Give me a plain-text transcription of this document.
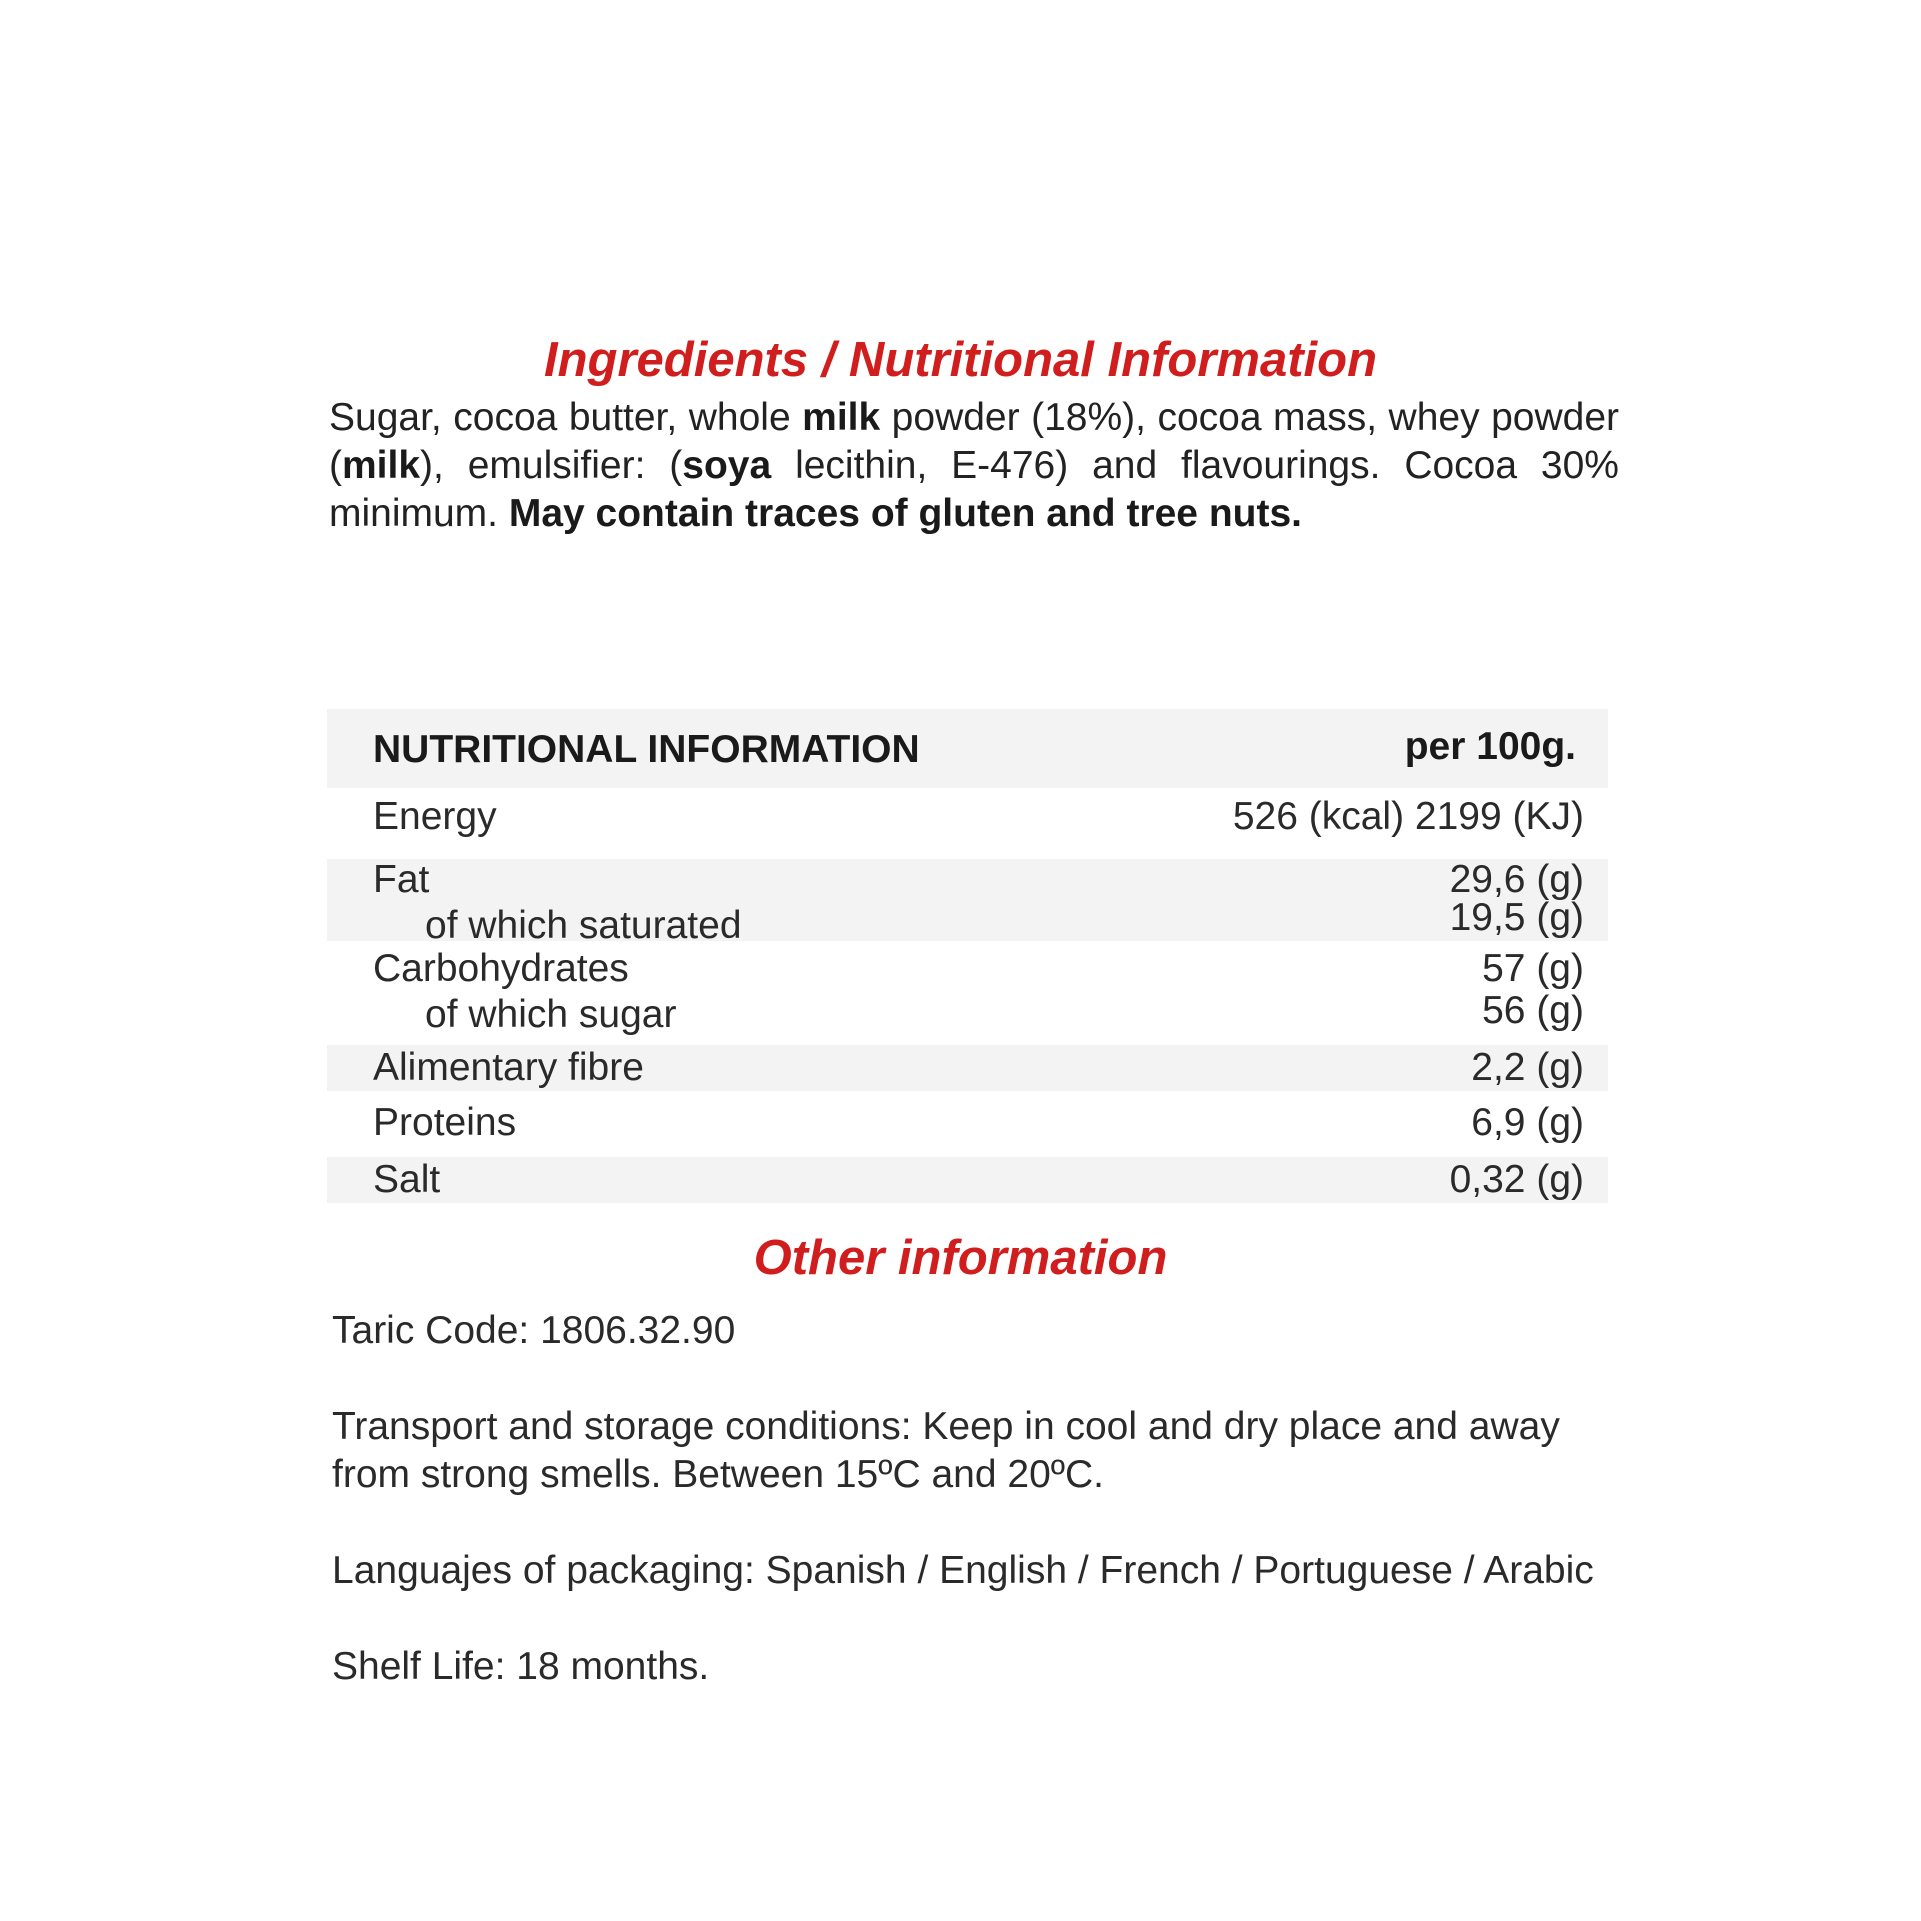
Ingredients / Nutritional Information

Sugar, cocoa butter, whole milk powder (18%), cocoa mass, whey powder (milk), emulsifier: (soya lecithin, E-476) and flavourings. Cocoa 30% minimum. May contain traces of gluten and tree nuts.

NUTRITIONAL INFORMATION	per 100g.
Energy	526 (kcal) 2199 (KJ)
Fat	29,6 (g)
of which saturated	19,5 (g)
Carbohydrates	57 (g)
of which sugar	56 (g)
Alimentary fibre	2,2 (g)
Proteins	6,9 (g)
Salt	0,32 (g)
Other information

Taric Code: 1806.32.90

Transport and storage conditions: Keep in cool and dry place and away from strong smells. Between 15ºC and 20ºC.

Languajes of packaging: Spanish / English / French / Portuguese / Arabic

Shelf Life: 18 months.
